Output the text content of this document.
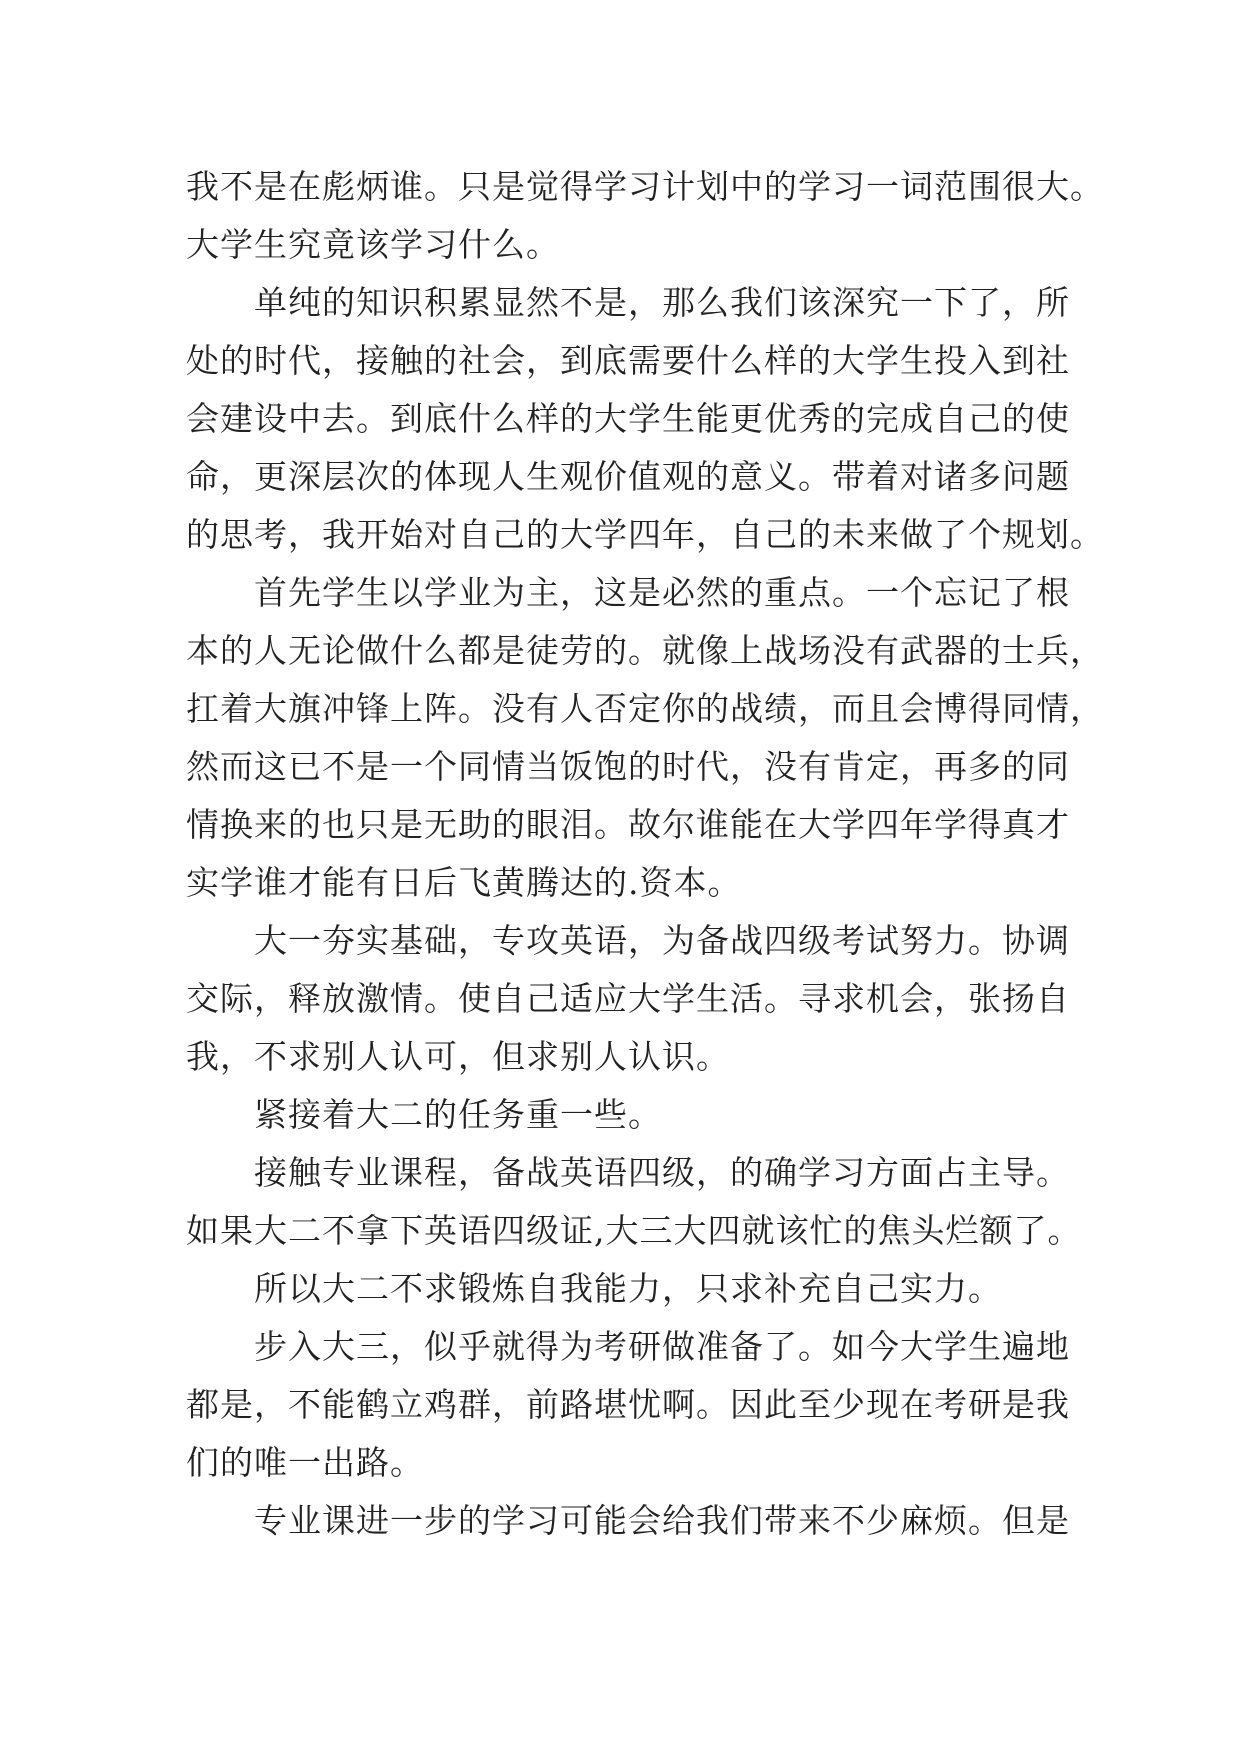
我不是在彪炳谁。只是觉得学习计划中的学习一词范围很大。
大学生究竟该学习什么。
单纯的知识积累显然不是，那么我们该深究一下了，所
处的时代，接触的社会，到底需要什么样的大学生投入到社
会建设中去。到底什么样的大学生能更优秀的完成自己的使
命，更深层次的体现人生观价值观的意义。带着对诸多问题
的思考，我开始对自己的大学四年，自己的未来做了个规划。
首先学生以学业为主，这是必然的重点。一个忘记了根
本的人无论做什么都是徒劳的。就像上战场没有武器的士兵，
扛着大旗冲锋上阵。没有人否定你的战绩，而且会博得同情，
然而这已不是一个同情当饭饱的时代，没有肯定，再多的同
情换来的也只是无助的眼泪。故尔谁能在大学四年学得真才
实学谁才能有日后飞黄腾达的.资本。
大一夯实基础，专攻英语，为备战四级考试努力。协调
交际，释放激情。使自己适应大学生活。寻求机会，张扬自
我，不求别人认可，但求别人认识。
紧接着大二的任务重一些。
接触专业课程，备战英语四级，的确学习方面占主导。
如果大二不拿下英语四级证,大三大四就该忙的焦头烂额了。
所以大二不求锻炼自我能力，只求补充自己实力。
步入大三，似乎就得为考研做准备了。如今大学生遍地
都是，不能鹤立鸡群，前路堪忧啊。因此至少现在考研是我
们的唯一出路。
专业课进一步的学习可能会给我们带来不少麻烦。但是
